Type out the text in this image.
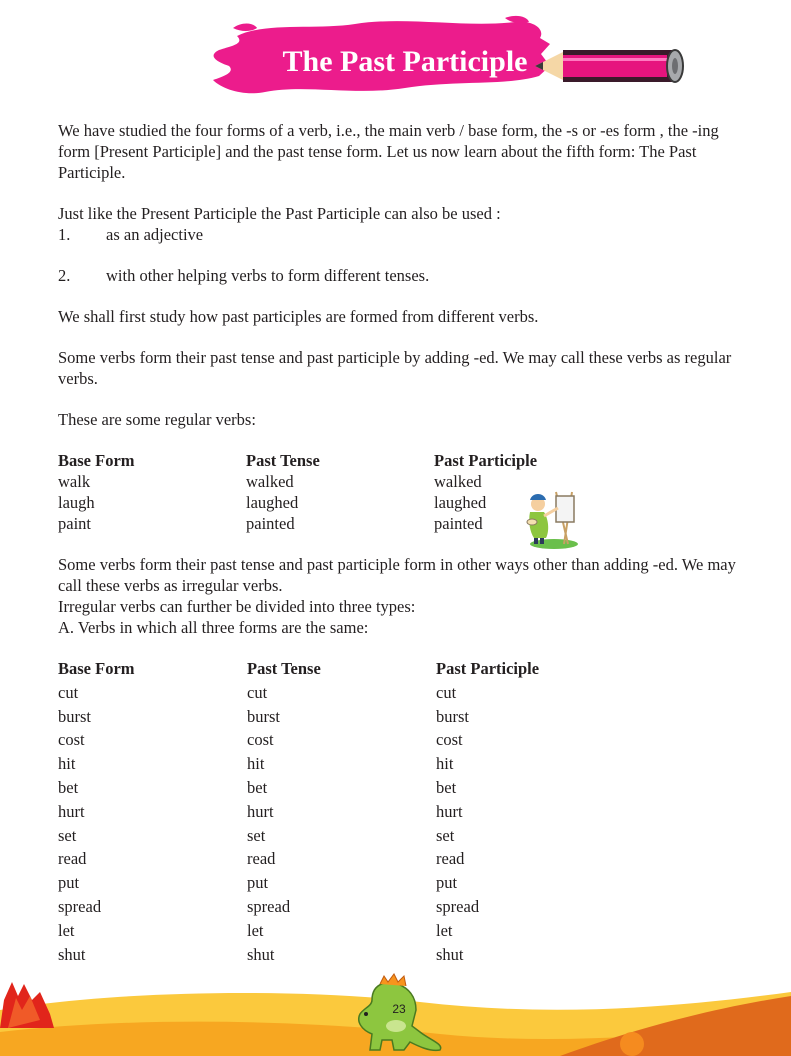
The Past Participle

We have studied the four forms of a verb, i.e., the main verb / base form, the -s or -es form , the -ing form [Present Participle] and the past tense form. Let us now learn about the fifth form: The Past Participle.

Just like the Present Participle the Past Participle can also be used :

1.	as an adjective
2.	with other helping verbs to form different tenses.

We shall first study how past participles are formed from different verbs.

Some verbs form their past tense and past participle by adding -ed. We may call these verbs as regular verbs.

These are some regular verbs:

Base Form	Past Tense	Past Participle
walk	walked	walked
laugh	laughed	laughed
paint	painted	painted

Some verbs form their past tense and past participle form in other ways other than adding -ed. We may call these verbs as irregular verbs.

Irregular verbs can further be divided into three types:

A. Verbs in which all three forms are the same:

Base Form	Past Tense	Past Participle
cut	cut	cut
burst	burst	burst
cost	cost	cost
hit	hit	hit
bet	bet	bet
hurt	hurt	hurt
set	set	set
read	read	read
put	put	put
spread	spread	spread
let	let	let
shut	shut	shut
23
